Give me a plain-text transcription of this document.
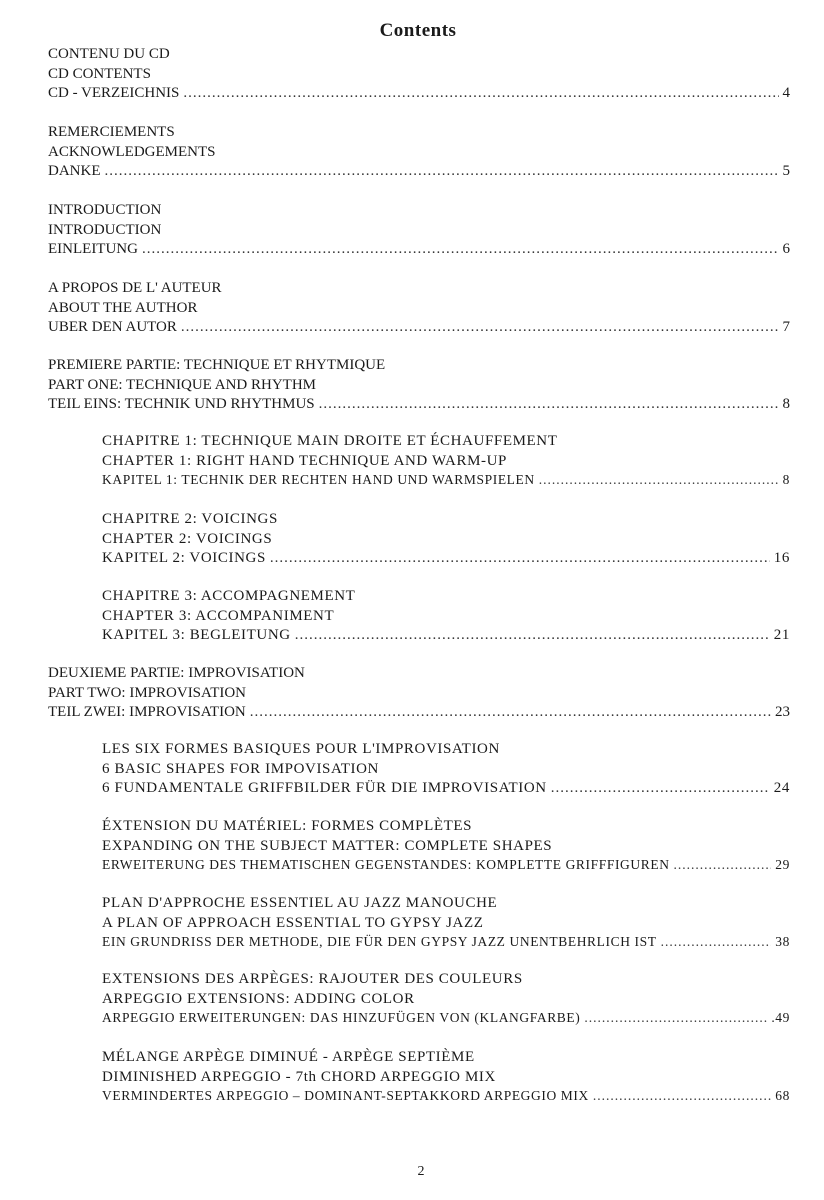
Contents
CONTENU DU CD
CD CONTENTS
CD - VERZEICHNIS .....	4
REMERCIEMENTS
ACKNOWLEDGEMENTS
DANKE .....	5
INTRODUCTION
INTRODUCTION
EINLEITUNG .....	6
A PROPOS DE L' AUTEUR
ABOUT THE AUTHOR
UBER DEN AUTOR .....	7
PREMIERE PARTIE: TECHNIQUE ET RHYTMIQUE
PART ONE: TECHNIQUE AND RHYTHM
TEIL EINS: TECHNIK UND RHYTHMUS .....	8
CHAPITRE 1: TECHNIQUE MAIN DROITE ET ÉCHAUFFEMENT
CHAPTER 1: RIGHT HAND TECHNIQUE AND WARM-UP
KAPITEL 1: TECHNIK DER RECHTEN HAND UND WARMSPIELEN .....	8
CHAPITRE 2: VOICINGS
CHAPTER 2: VOICINGS
KAPITEL 2: VOICINGS .....	16
CHAPITRE 3: ACCOMPAGNEMENT
CHAPTER 3: ACCOMPANIMENT
KAPITEL 3: BEGLEITUNG .....	21
DEUXIEME PARTIE: IMPROVISATION
PART TWO: IMPROVISATION
TEIL ZWEI: IMPROVISATION .....	23
LES SIX FORMES BASIQUES POUR L'IMPROVISATION
6 BASIC SHAPES FOR IMPOVISATION
6 FUNDAMENTALE GRIFFBILDER FÜR DIE IMPROVISATION .....	24
ÉXTENSION DU MATÉRIEL: FORMES COMPLÈTES
EXPANDING ON THE SUBJECT MATTER: COMPLETE SHAPES
ERWEITERUNG DES THEMATISCHEN GEGENSTANDES: KOMPLETTE GRIFFFIGUREN .....	29
PLAN D'APPROCHE ESSENTIEL AU JAZZ MANOUCHE
A PLAN OF APPROACH ESSENTIAL TO GYPSY JAZZ
EIN GRUNDRISS DER METHODE, DIE FÜR DEN GYPSY JAZZ UNENTBEHRLICH IST .....	38
EXTENSIONS DES ARPÈGES: RAJOUTER DES COULEURS
ARPEGGIO EXTENSIONS: ADDING COLOR
ARPEGGIO ERWEITERUNGEN: DAS HINZUFÜGEN VON (KLANGFARBE) .....	.49
MÉLANGE ARPÈGE DIMINUÉ - ARPÈGE SEPTIÈME
DIMINISHED ARPEGGIO - 7th CHORD ARPEGGIO MIX
VERMINDERTES ARPEGGIO – DOMINANT-SEPTAKKORD ARPEGGIO MIX .....	68
2
